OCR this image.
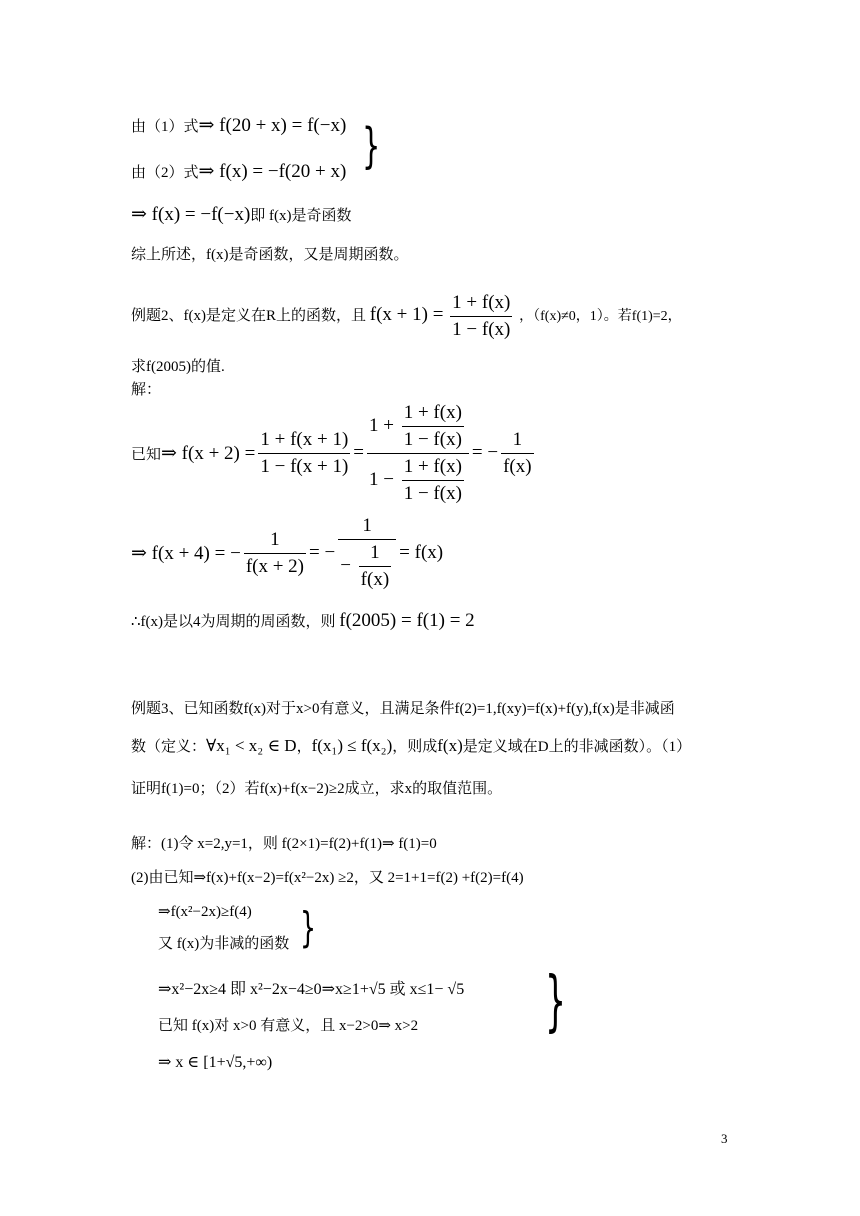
由（1）式⇒ f(20 + x) = f(−x)
由（2）式⇒ f(x) = −f(20 + x) }
⇒ f(x) = −f(−x)即 f(x)是奇函数
综上所述，f(x)是奇函数，又是周期函数。
例题2、f(x)是定义在R上的函数，且 $f(x + 1) = \frac{1 + f(x)}{1 - f(x)}$ ，（f(x)≠0，1）。若f(1)=2，
求f(2005)的值.
解：
已知 ⇒ $f(x + 2) = \frac{1 + f(x + 1)}{1 - f(x + 1)} = \frac{1 + \frac{1 + f(x)}{1 - f(x)}}{1 - \frac{1 + f(x)}{1 - f(x)}}$ = − $\frac{1}{f(x)}$
⇒ f(x + 4) = − $\frac{1}{f(x + 2)}$ = − $\frac{1}{- \frac{1}{f(x)}} = f(x)$
∴f(x)是以4为周期的周函数，则 f(2005) = f(1) = 2
例题3、已知函数f(x)对于x>0有意义，且满足条件f(2)=1,f(xy)=f(x)+f(y),f(x)是非减函
数（定义：∀x₁ < x₂ ∈ D，f(x₁) ≤ f(x₂)，则成f(x)是定义域在D上的非减函数）。（1）
证明f(1)=0；（2）若f(x)+f(x−2)≥2成立，求x的取值范围。
解：(1)令 x=2,y=1，则 f(2×1)=f(2)+f(1)⇒ f(1)=0
(2)由已知⇒f(x)+f(x−2)=f(x²−2x) ≥2，又 2=1+1=f(2) +f(2)=f(4)
⇒f(x²−2x)≥f(4)
又 f(x)为非减的函数 }
⇒x²−2x≥4 即 x²−2x−4≥0⇒x≥1+√5 或 x≤1− √5
已知 f(x)对 x>0 有意义，且 x−2>0⇒ x>2 }
⇒ x ∈ [1+√5,+∞)
3
